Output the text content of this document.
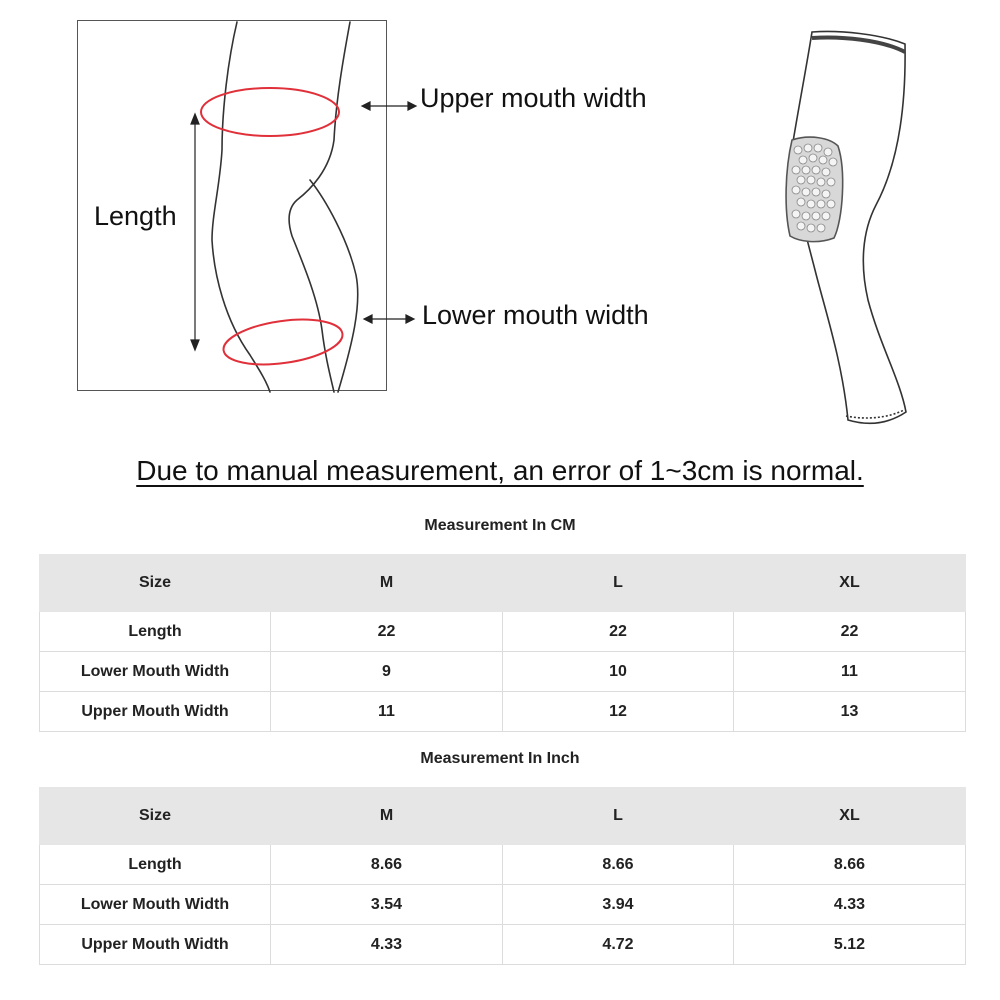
Upper mouth width
Lower mouth width
Length
Due to manual measurement, an error of 1~3cm is normal.
Measurement In CM
Size	M	L	XL
Length	22	22	22
Lower Mouth Width	9	10	11
Upper Mouth Width	11	12	13
Measurement In Inch
Size	M	L	XL
Length	8.66	8.66	8.66
Lower Mouth Width	3.54	3.94	4.33
Upper Mouth Width	4.33	4.72	5.12
